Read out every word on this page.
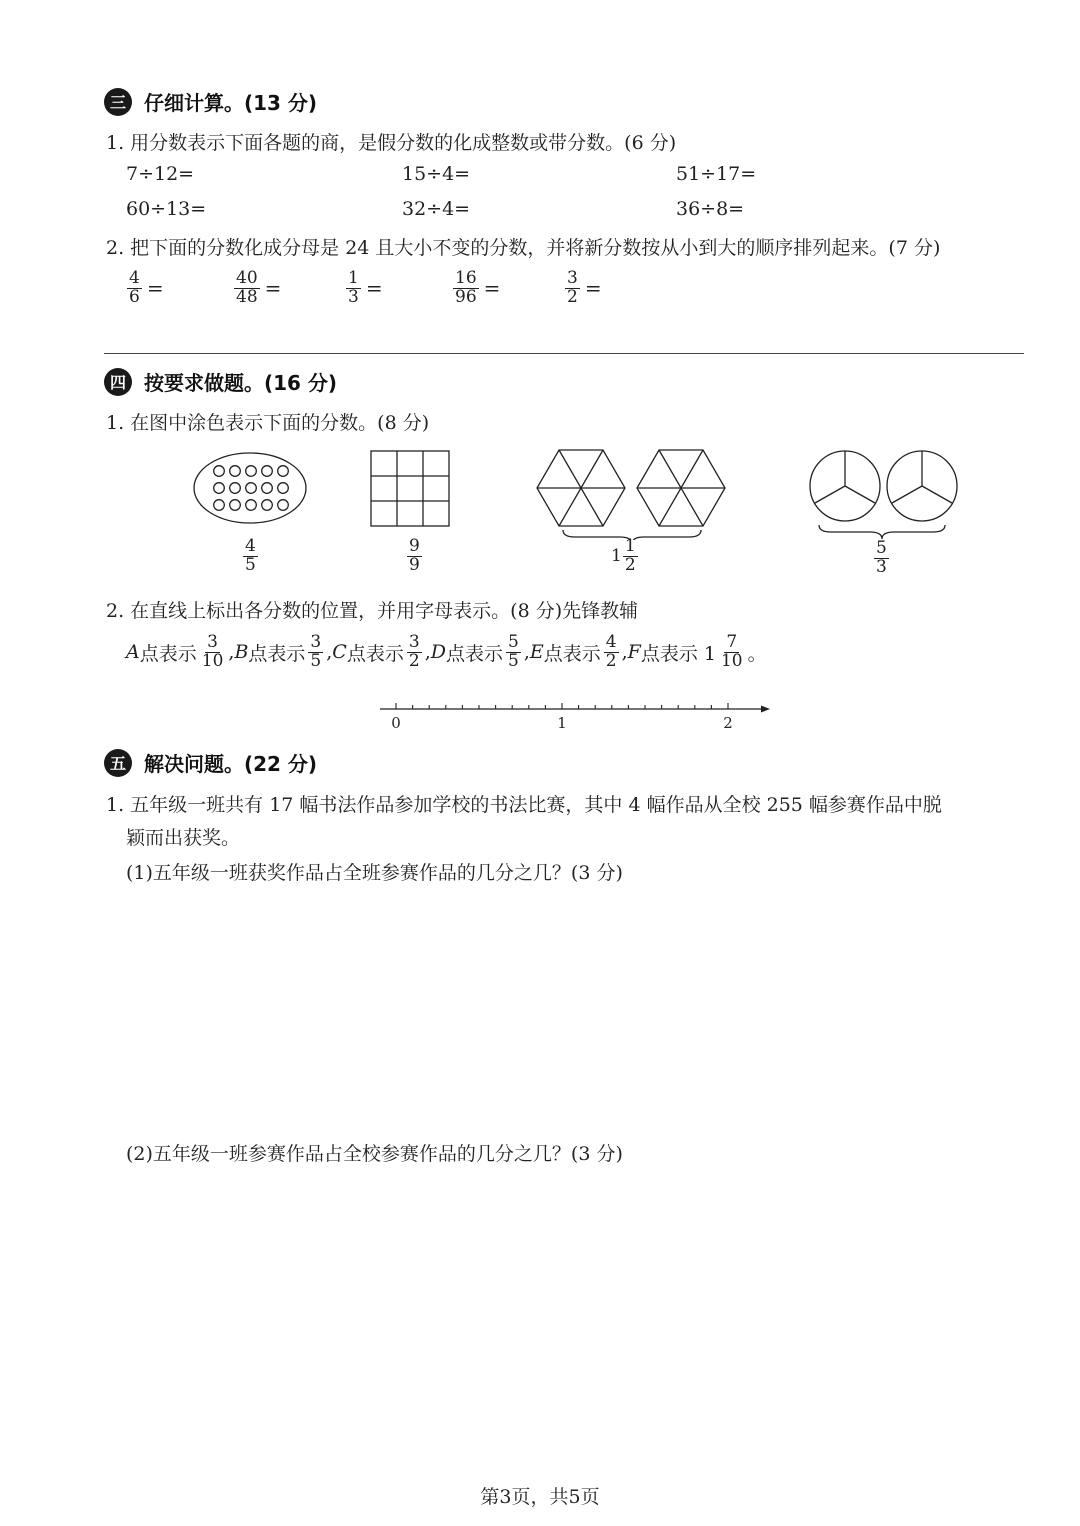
三 仔细计算。(13 分)
1. 用分数表示下面各题的商，是假分数的化成整数或带分数。(6 分)
7÷12=	15÷4=	51÷17=
60÷13=	32÷4=	36÷8=
2. 把下面的分数化成分母是 24 且大小不变的分数，并将新分数按从小到大的顺序排列起来。(7 分)
$\frac{4}{6}$ =	$\frac{40}{48}$ =	$\frac{1}{3}$ =	$\frac{16}{96}$ =	$\frac{3}{2}$ =
四 按要求做题。(16 分)
1. 在图中涂色表示下面的分数。(8 分)
$\frac{4}{5}$	$\frac{9}{9}$	$1 \frac{1}{2}$	$\frac{5}{3}$
2. 在直线上标出各分数的位置，并用字母表示。(8 分)先锋教辅
A 点表示 $\frac{3}{10}$ , B 点表示 $\frac{3}{5}$ , C 点表示 $\frac{3}{2}$ , D 点表示 $\frac{5}{5}$ , E 点表示 $\frac{4}{2}$ , F 点表示 $1 \frac{7}{10}$ 。
0	1	2
五 解决问题。(22 分)
1. 五年级一班共有 17 幅书法作品参加学校的书法比赛，其中 4 幅作品从全校 255 幅参赛作品中脱
颖而出获奖。
(1)五年级一班获奖作品占全班参赛作品的几分之几？(3 分)
(2)五年级一班参赛作品占全校参赛作品的几分之几？(3 分)
第3页，共5页
